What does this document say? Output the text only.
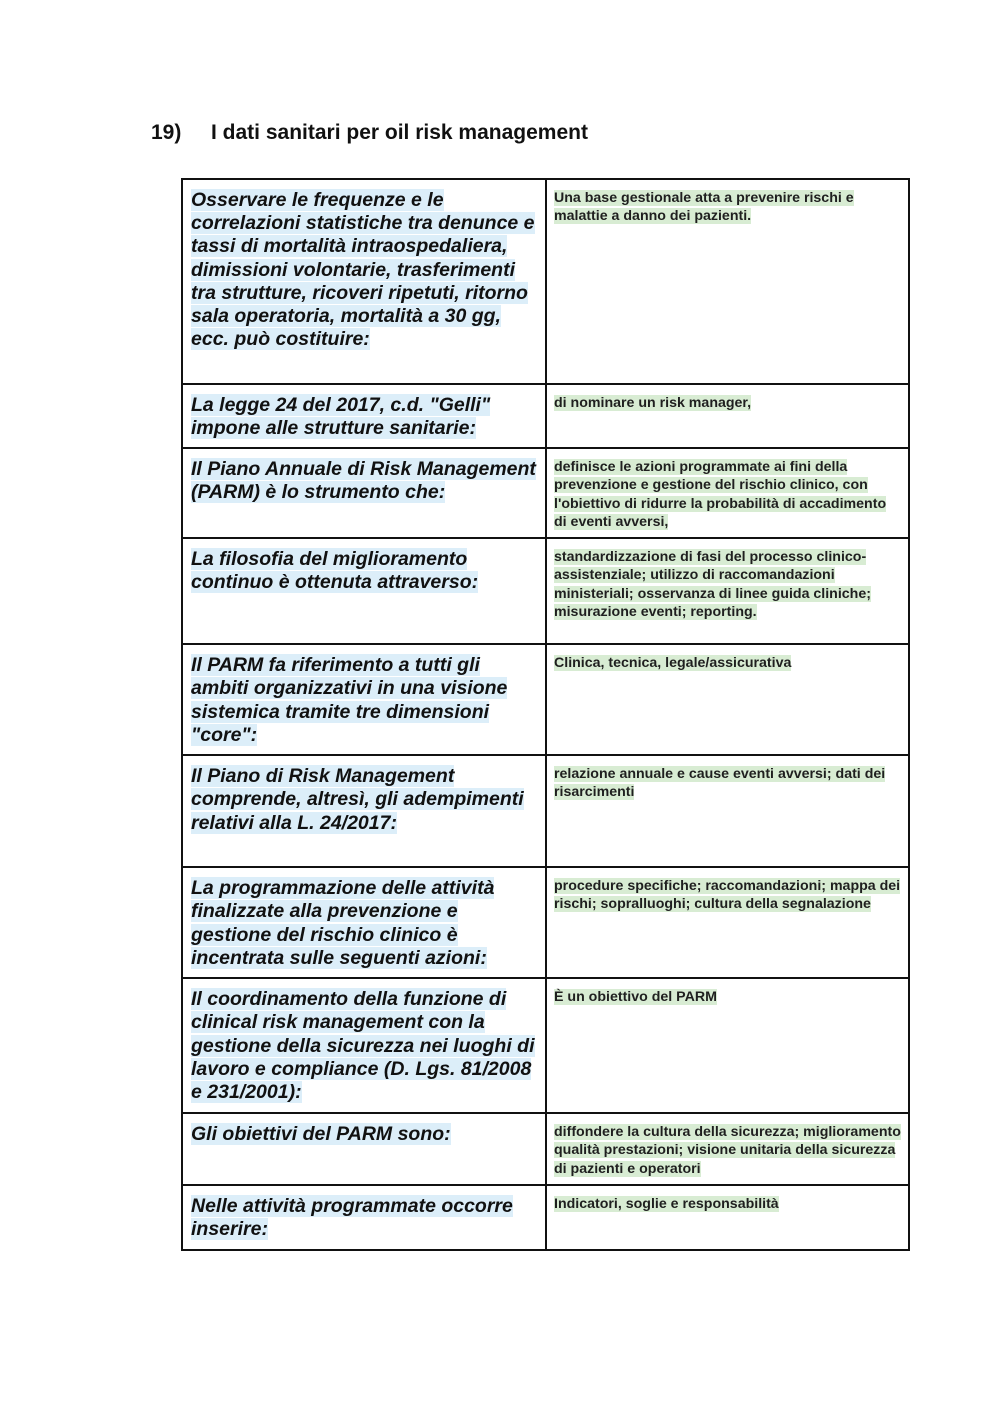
19)	I dati sanitari per oil risk management
Osservare le frequenze e le correlazioni statistiche tra denunce e tassi di mortalità intraospedaliera, dimissioni volontarie, trasferimenti tra strutture, ricoveri ripetuti, ritorno sala operatoria, mortalità a 30 gg, ecc. può costituire:	Una base gestionale atta a prevenire rischi e malattie a danno dei pazienti.
La legge 24 del 2017, c.d. "Gelli" impone alle strutture sanitarie:	di nominare un risk manager,
Il Piano Annuale di Risk Management (PARM) è lo strumento che:	definisce le azioni programmate ai fini della prevenzione e gestione del rischio clinico, con l'obiettivo di ridurre la probabilità di accadimento di eventi avversi,
La filosofia del miglioramento continuo è ottenuta attraverso:	standardizzazione di fasi del processo clinico-assistenziale; utilizzo di raccomandazioni ministeriali; osservanza di linee guida cliniche; misurazione eventi; reporting.
Il PARM fa riferimento a tutti gli ambiti organizzativi in una visione sistemica tramite tre dimensioni "core":	Clinica, tecnica, legale/assicurativa
Il Piano di Risk Management comprende, altresì, gli adempimenti relativi alla L. 24/2017:	relazione annuale e cause eventi avversi; dati dei risarcimenti
La programmazione delle attività finalizzate alla prevenzione e gestione del rischio clinico è incentrata sulle seguenti azioni:	procedure specifiche; raccomandazioni; mappa dei rischi; sopralluoghi; cultura della segnalazione
Il coordinamento della funzione di clinical risk management con la gestione della sicurezza nei luoghi di lavoro e compliance (D. Lgs. 81/2008 e 231/2001):	È un obiettivo del PARM
Gli obiettivi del PARM sono:	diffondere la cultura della sicurezza; miglioramento qualità prestazioni; visione unitaria della sicurezza di pazienti e operatori
Nelle attività programmate occorre inserire:	Indicatori, soglie e responsabilità
